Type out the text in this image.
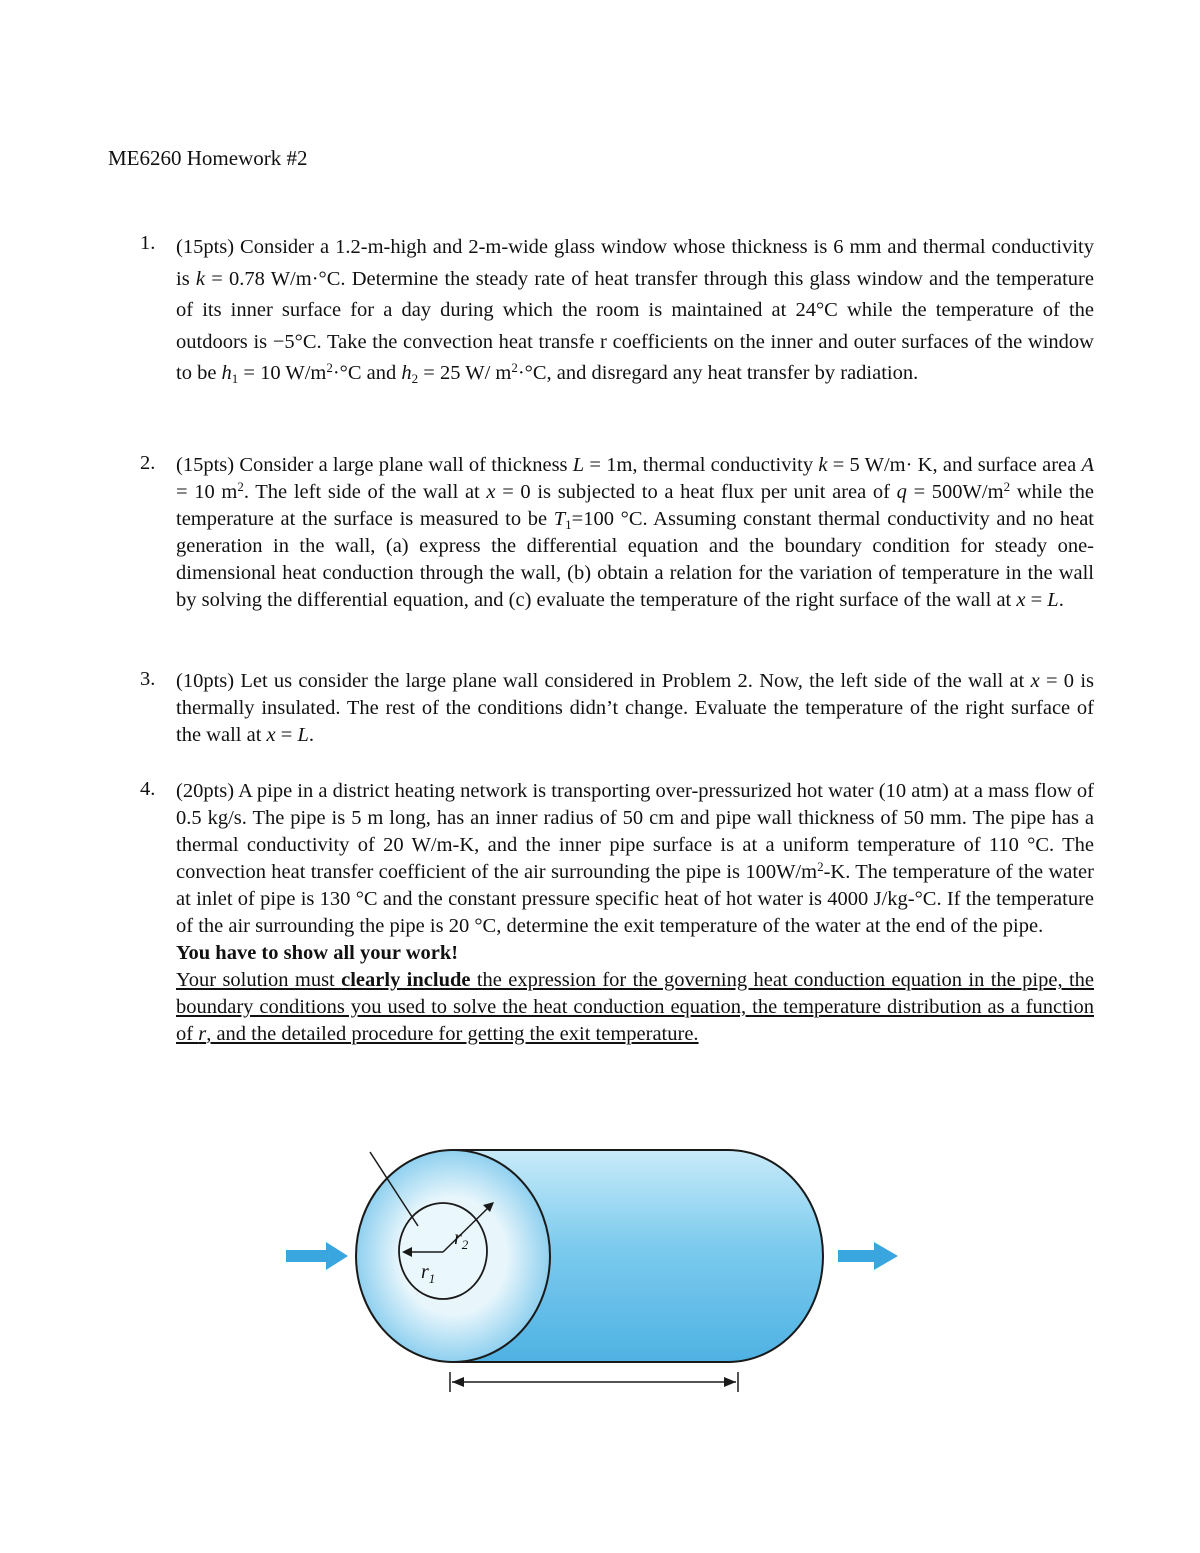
ME6260 Homework #2
1. (15pts) Consider a 1.2-m-high and 2-m-wide glass window whose thickness is 6 mm and thermal conductivity is k = 0.78 W/m·°C. Determine the steady rate of heat transfer through this glass window and the temperature of its inner surface for a day during which the room is maintained at 24°C while the temperature of the outdoors is −5°C. Take the convection heat transfe r coefficients on the inner and outer surfaces of the window to be $h_1 = 10$ $W/m^2\cdot^\circ C$ and $h_2 = 25$ W/ $m^2\cdot^\circ C$, and disregard any heat transfer by radiation.
2. (15pts) Consider a large plane wall of thickness L = 1m, thermal conductivity k = 5 W/m· K, and surface area A = 10 $m^2$. The left side of the wall at x = 0 is subjected to a heat flux per unit area of $q = 500W/m^2$ while the temperature at the surface is measured to be $T_1=100$ °C. Assuming constant thermal conductivity and no heat generation in the wall, (a) express the differential equation and the boundary condition for steady one-dimensional heat conduction through the wall, (b) obtain a relation for the variation of temperature in the wall by solving the differential equation, and (c) evaluate the temperature of the right surface of the wall at x = L.
3. (10pts) Let us consider the large plane wall considered in Problem 2. Now, the left side of the wall at x = 0 is thermally insulated. The rest of the conditions didn’t change. Evaluate the temperature of the right surface of the wall at x = L.
4. (20pts) A pipe in a district heating network is transporting over-pressurized hot water (10 atm) at a mass flow of 0.5 kg/s. The pipe is 5 m long, has an inner radius of 50 cm and pipe wall thickness of 50 mm. The pipe has a thermal conductivity of 20 W/m-K, and the inner pipe surface is at a uniform temperature of 110 °C. The convection heat transfer coefficient of the air surrounding the pipe is $100W/m^2-K$. The temperature of the water at inlet of pipe is 130 °C and the constant pressure specific heat of hot water is 4000 J/kg-°C. If the temperature of the air surrounding the pipe is 20 °C, determine the exit temperature of the water at the end of the pipe.
You have to show all your work!
Your solution must clearly include the expression for the governing heat conduction equation in the pipe, the boundary conditions you used to solve the heat conduction equation, the temperature distribution as a function of r, and the detailed procedure for getting the exit temperature.
$r_2$
$r_1$
